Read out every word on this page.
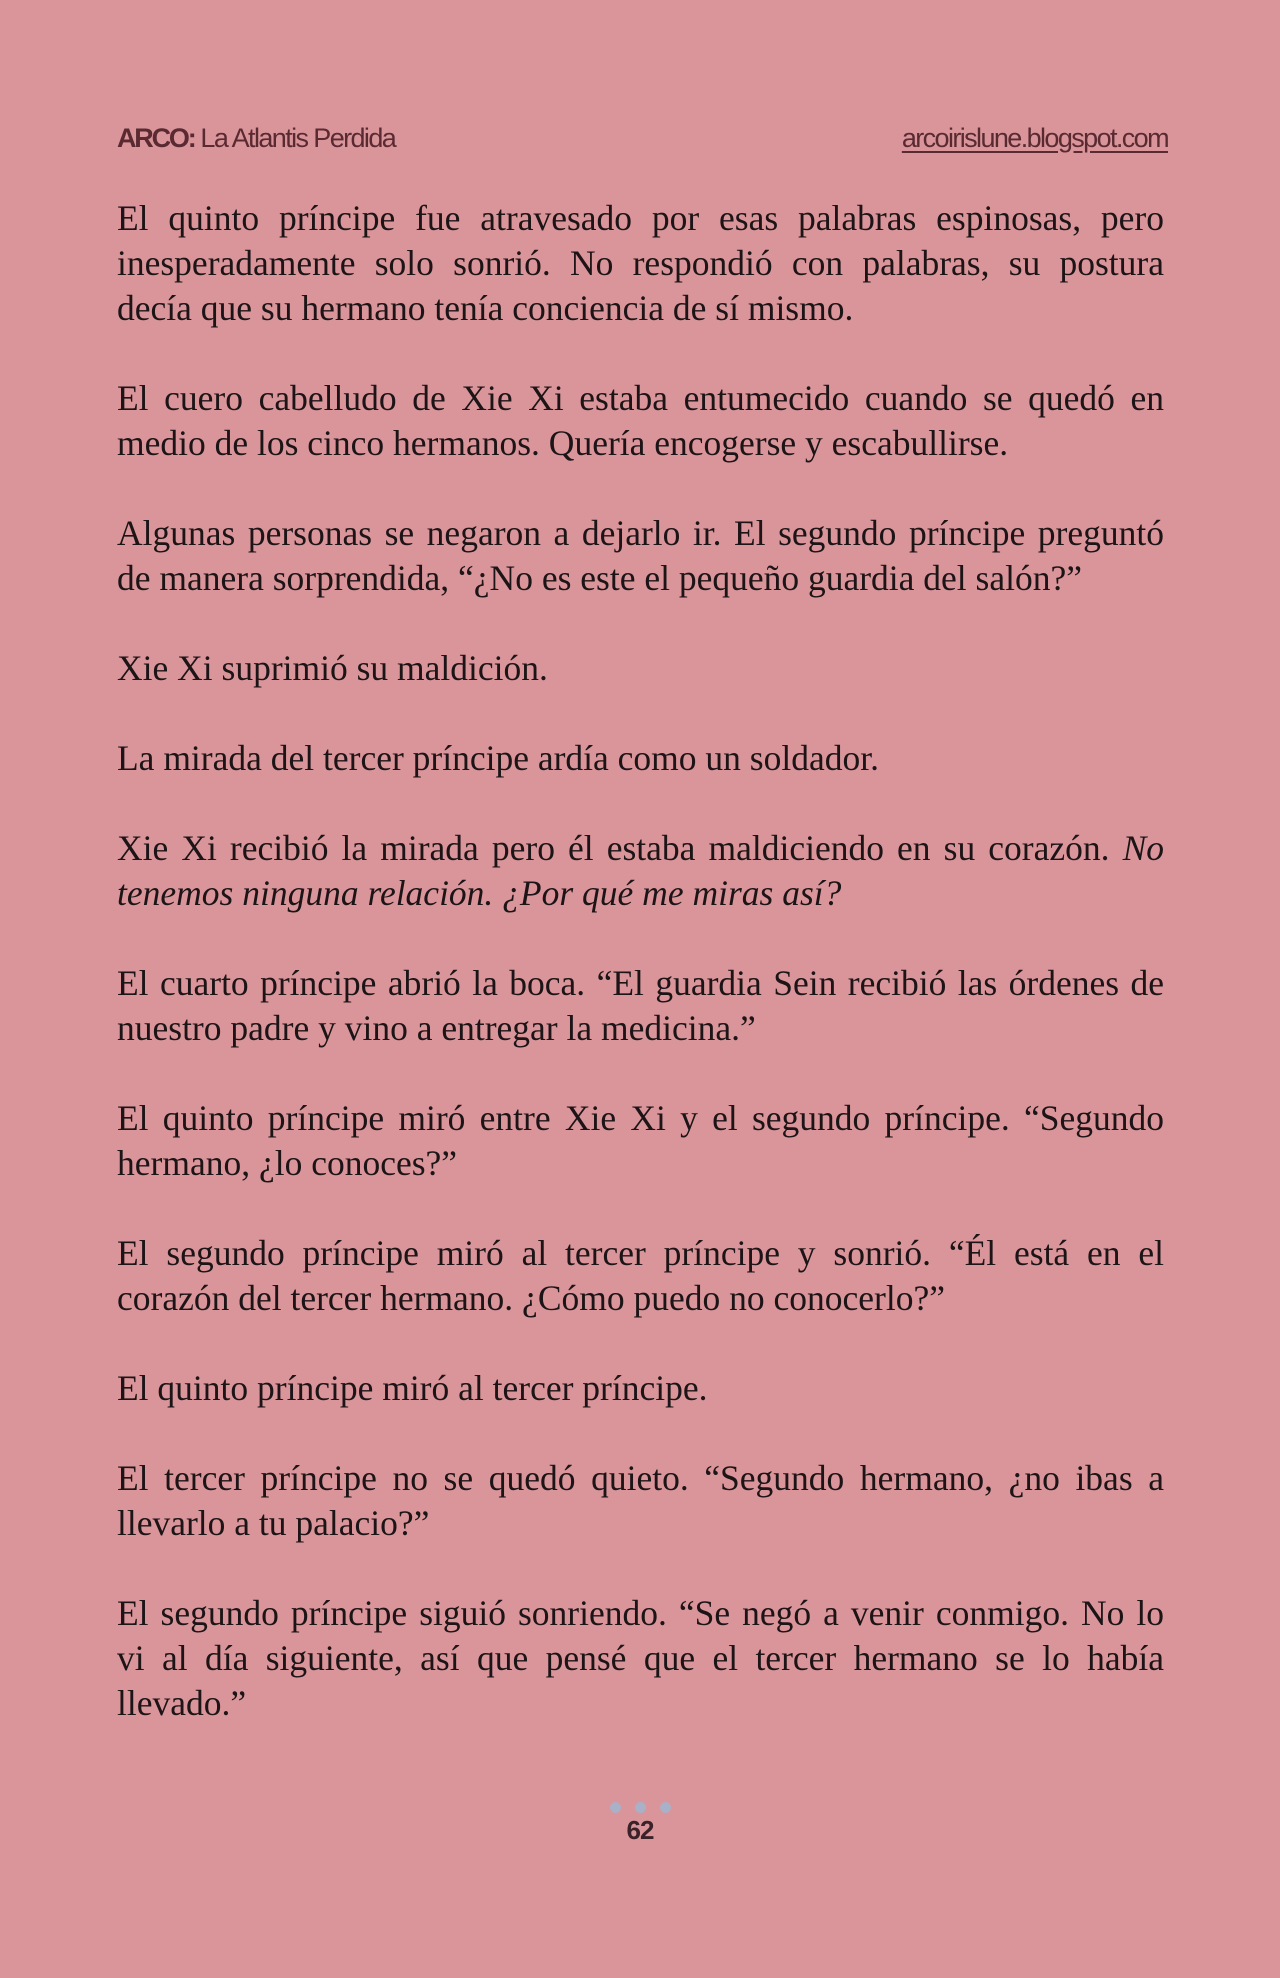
ARCO: La Atlantis Perdida	arcoirislune.blogspot.com

El quinto príncipe fue atravesado por esas palabras espinosas, pero inesperadamente solo sonrió. No respondió con palabras, su postura decía que su hermano tenía conciencia de sí mismo.

El cuero cabelludo de Xie Xi estaba entumecido cuando se quedó en medio de los cinco hermanos. Quería encogerse y escabullirse.

Algunas personas se negaron a dejarlo ir. El segundo príncipe preguntó de manera sorprendida, “¿No es este el pequeño guardia del salón?”

Xie Xi suprimió su maldición.

La mirada del tercer príncipe ardía como un soldador.

Xie Xi recibió la mirada pero él estaba maldiciendo en su corazón. No tenemos ninguna relación. ¿Por qué me miras así?

El cuarto príncipe abrió la boca. “El guardia Sein recibió las órdenes de nuestro padre y vino a entregar la medicina.”

El quinto príncipe miró entre Xie Xi y el segundo príncipe. “Segundo hermano, ¿lo conoces?”

El segundo príncipe miró al tercer príncipe y sonrió. “Él está en el corazón del tercer hermano. ¿Cómo puedo no conocerlo?”

El quinto príncipe miró al tercer príncipe.

El tercer príncipe no se quedó quieto. “Segundo hermano, ¿no ibas a llevarlo a tu palacio?”

El segundo príncipe siguió sonriendo. “Se negó a venir conmigo. No lo vi al día siguiente, así que pensé que el tercer hermano se lo había llevado.”

62
